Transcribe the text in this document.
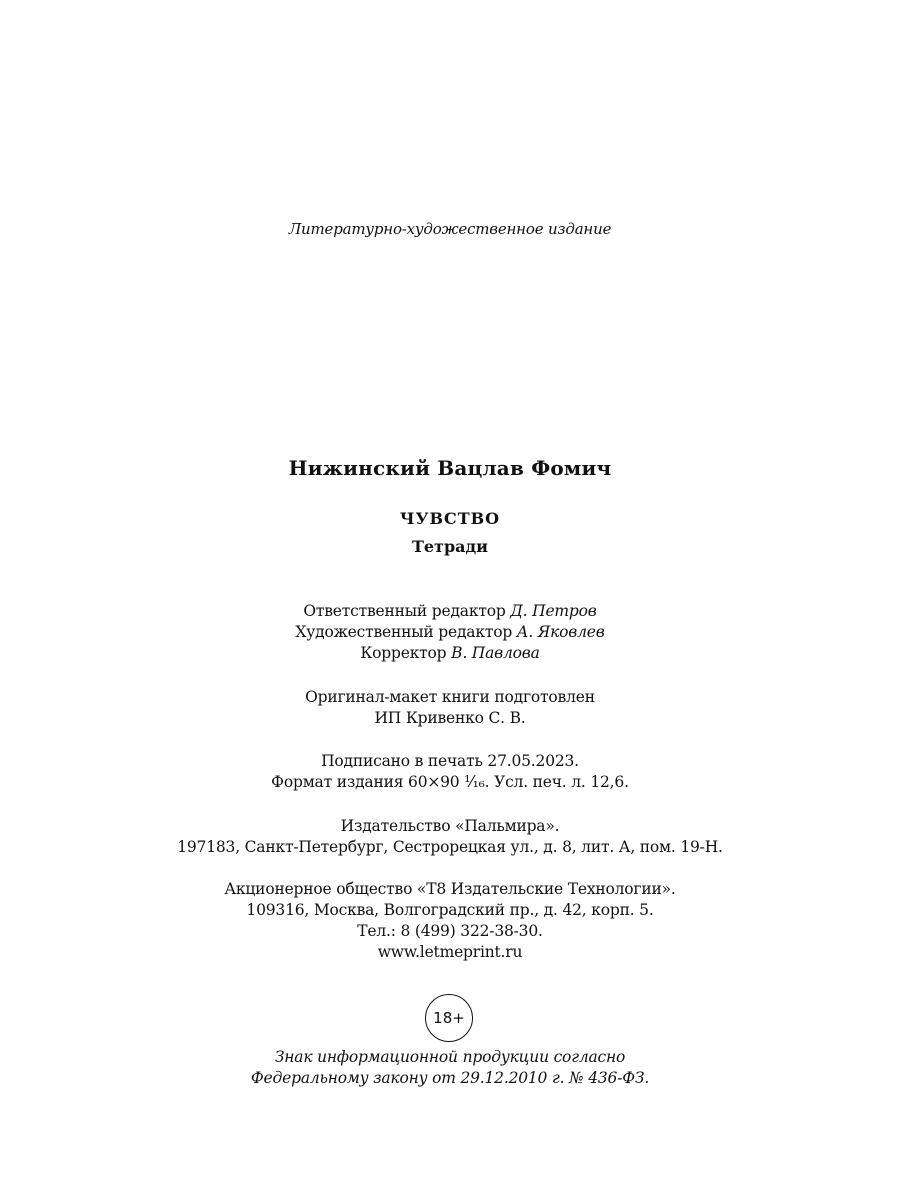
Литературно-художественное издание
Нижинский Вацлав Фомич
ЧУВСТВО
Тетради
Ответственный редактор Д. Петров
Художественный редактор А. Яковлев
Корректор В. Павлова
Оригинал-макет книги подготовлен
ИП Кривенко С. В.
Подписано в печать 27.05.2023.
Формат издания 60×90 ¹⁄₁₆. Усл. печ. л. 12,6.
Издательство «Пальмира».
197183, Санкт-Петербург, Сестрорецкая ул., д. 8, лит. А, пом. 19-Н.
Акционерное общество «Т8 Издательские Технологии».
109316, Москва, Волгоградский пр., д. 42, корп. 5.
Тел.: 8 (499) 322-38-30.
www.letmeprint.ru
18+
Знак информационной продукции согласно
Федеральному закону от 29.12.2010 г. № 436-ФЗ.
